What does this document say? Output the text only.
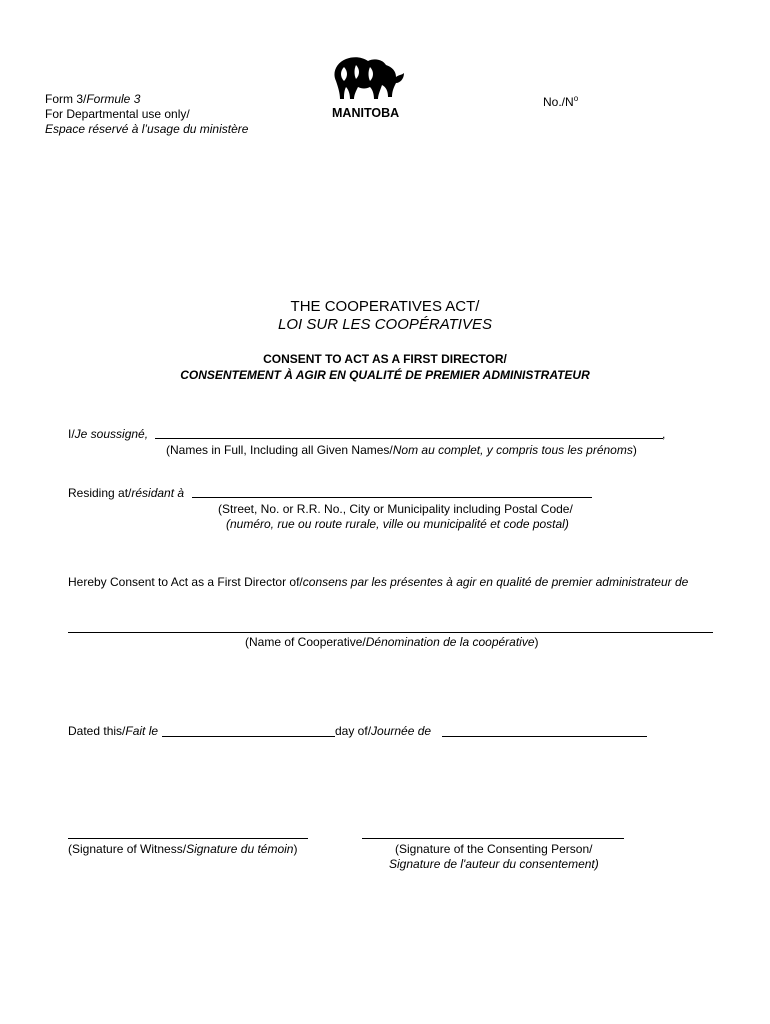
Form 3/Formule 3
For Departmental use only/
Espace réservé à l’usage du ministère
MANITOBA
$No./N^o$
THE COOPERATIVES ACT/
LOI SUR LES COOPÉRATIVES
CONSENT TO ACT AS A FIRST DIRECTOR/
CONSENTEMENT À AGIR EN QUALITÉ DE PREMIER ADMINISTRATEUR
I/Je soussigné,	,
(Names in Full, Including all Given Names/Nom au complet, y compris tous les prénoms)
Residing at/résidant à
(Street, No. or R.R. No., City or Municipality including Postal Code/
(numéro, rue ou route rurale, ville ou municipalité et code postal)
Hereby Consent to Act as a First Director of/consens par les présentes à agir en qualité de premier administrateur de
(Name of Cooperative/Dénomination de la coopérative)
Dated this/Fait le	day of/Journée de
(Signature of Witness/Signature du témoin)	(Signature of the Consenting Person/
Signature de l'auteur du consentement)
